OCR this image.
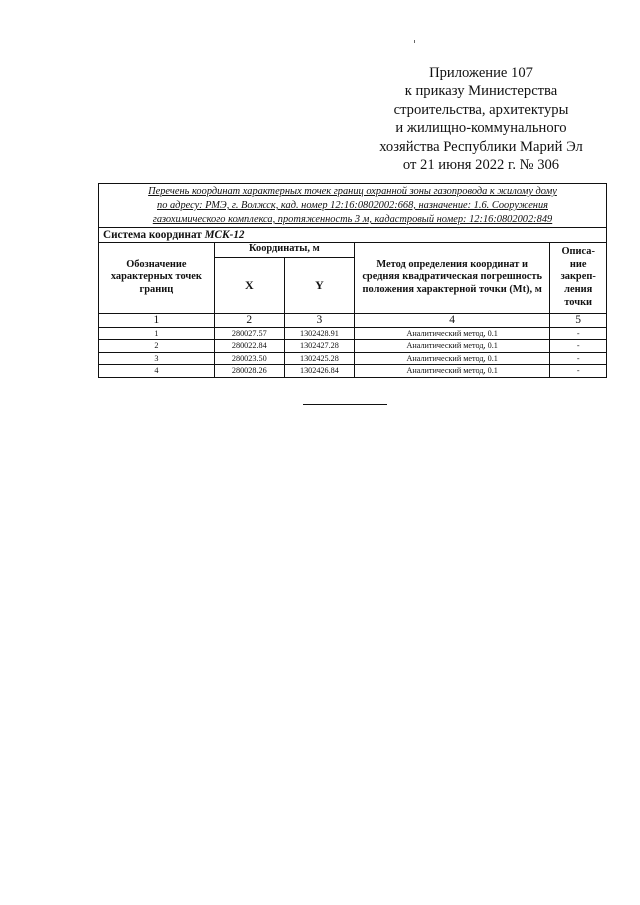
Приложение 107
к приказу Министерства
строительства, архитектуры
и жилищно-коммунального
хозяйства Республики Марий Эл
от 21 июня 2022 г. № 306
Перечень координат характерных точек границ охранной зоны газопровода к жилому дому
по адресу: РМЭ, г. Волжск, кад. номер 12:16:0802002:668, назначение: 1.6. Сооружения
газохимического комплекса, протяженность 3 м, кадастровый номер: 12:16:0802002:849
Система координат МСК-12
Обозначение характерных точек границ	Координаты, м		Метод определения координат и средняя квадратическая погрешность положения характерной точки (Mt), м	Описа-ние закреп-ления точки
	X	Y		
1	2	3	4	5
1	280027.57	1302428.91	Аналитический метод, 0.1	-
2	280022.84	1302427.28	Аналитический метод, 0.1	-
3	280023.50	1302425.28	Аналитический метод, 0.1	-
4	280028.26	1302426.84	Аналитический метод, 0.1	-
